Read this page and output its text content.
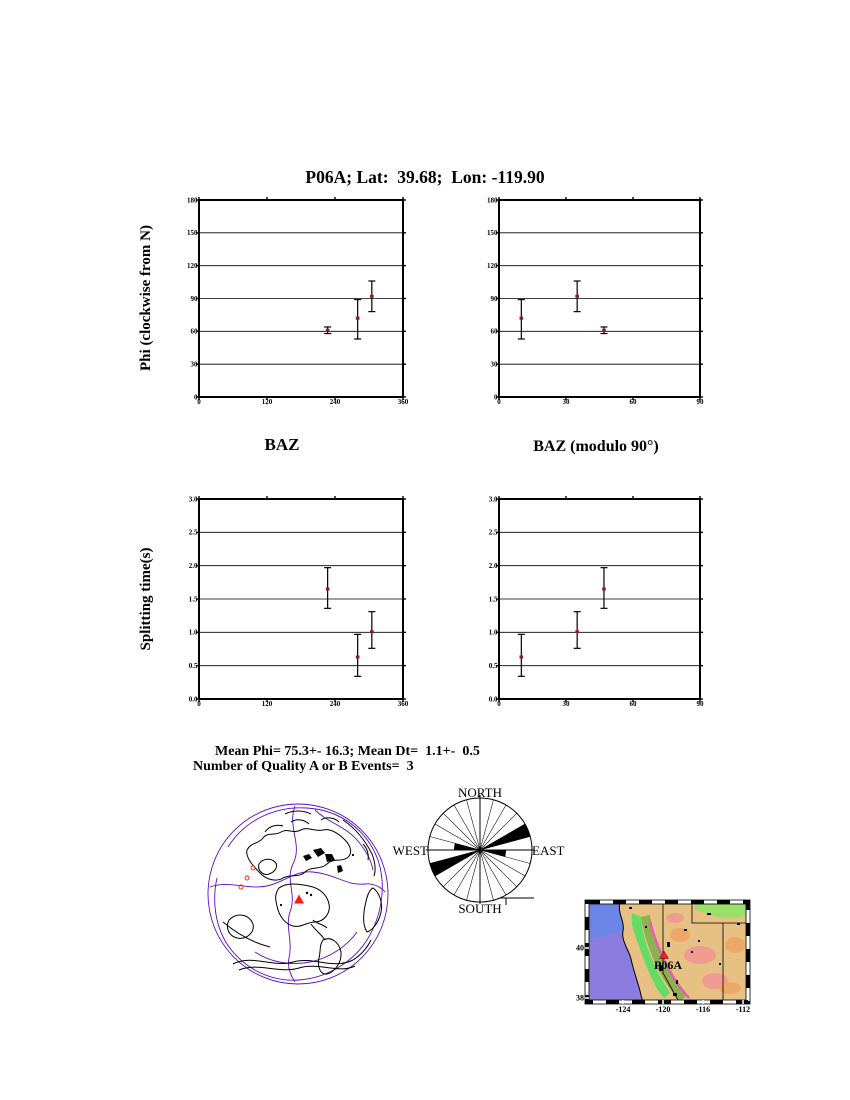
P06A; Lat:  39.68;  Lon: -119.90
Phi (clockwise from N)
Splitting time(s)
0
30
60
90
120
150
180
0	120	240	360
0
30
60
90
120
150
180
0	30	60	90
0.0
0.5
1.0
1.5
2.0
2.5
3.0
0	120	240	360
0.0
0.5
1.0
1.5
2.0
2.5
3.0
0	30	60	90
BAZ	BAZ (modulo 90°)
Mean Phi= 75.3+- 16.3; Mean Dt=  1.1+-  0.5
Number of Quality A or B Events=  3
NORTH
SOUTH
WEST	EAST
-124	-120	-116	-112
40
38
P06A
